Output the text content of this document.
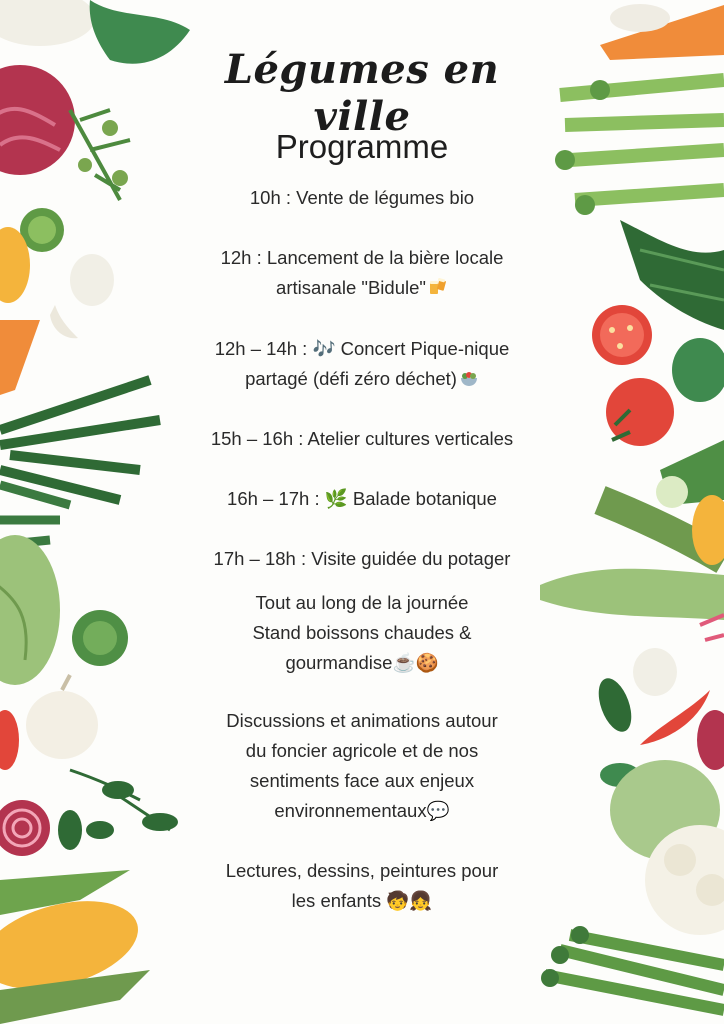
Légumes en ville
Programme
10h : Vente de légumes bio
12h : Lancement de la bière locale
artisanale "Bidule"
12h – 14h : 🎶 Concert Pique-nique
partagé (défi zéro déchet)
15h – 16h : Atelier cultures verticales
16h – 17h : 🌿 Balade botanique
17h – 18h : Visite guidée du potager
Tout au long de la journée
Stand boissons chaudes &
gourmandise☕🍪
Discussions et animations autour
du foncier agricole et de nos
sentiments face aux enjeux
environnementaux💬
Lectures, dessins, peintures pour
les enfants 🧒👧
